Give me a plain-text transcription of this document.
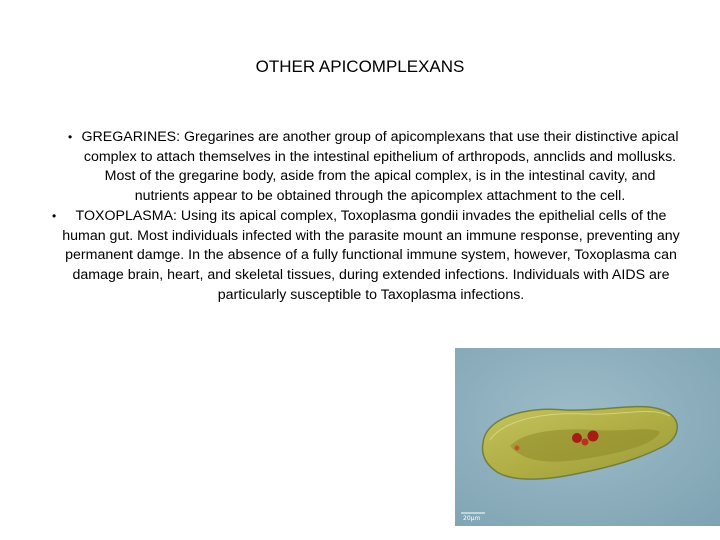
OTHER APICOMPLEXANS
• GREGARINES: Gregarines are another group of apicomplexans that use their distinctive apical complex to attach themselves in the intestinal epithelium of arthropods, annclids and mollusks. Most of the gregarine body, aside from the apical complex, is in the intestinal cavity, and nutrients appear to be obtained through the apicomplex attachment to the cell.
•	TOXOPLASMA: Using its apical complex, Toxoplasma gondii invades the epithelial cells of the human gut. Most individuals infected with the parasite mount an immune response, preventing any permanent damge. In the absence of a fully functional immune system, however, Toxoplasma can damage brain, heart, and skeletal tissues, during extended infections. Individuals with AIDS are particularly susceptible to Taxoplasma infections.
20µm
